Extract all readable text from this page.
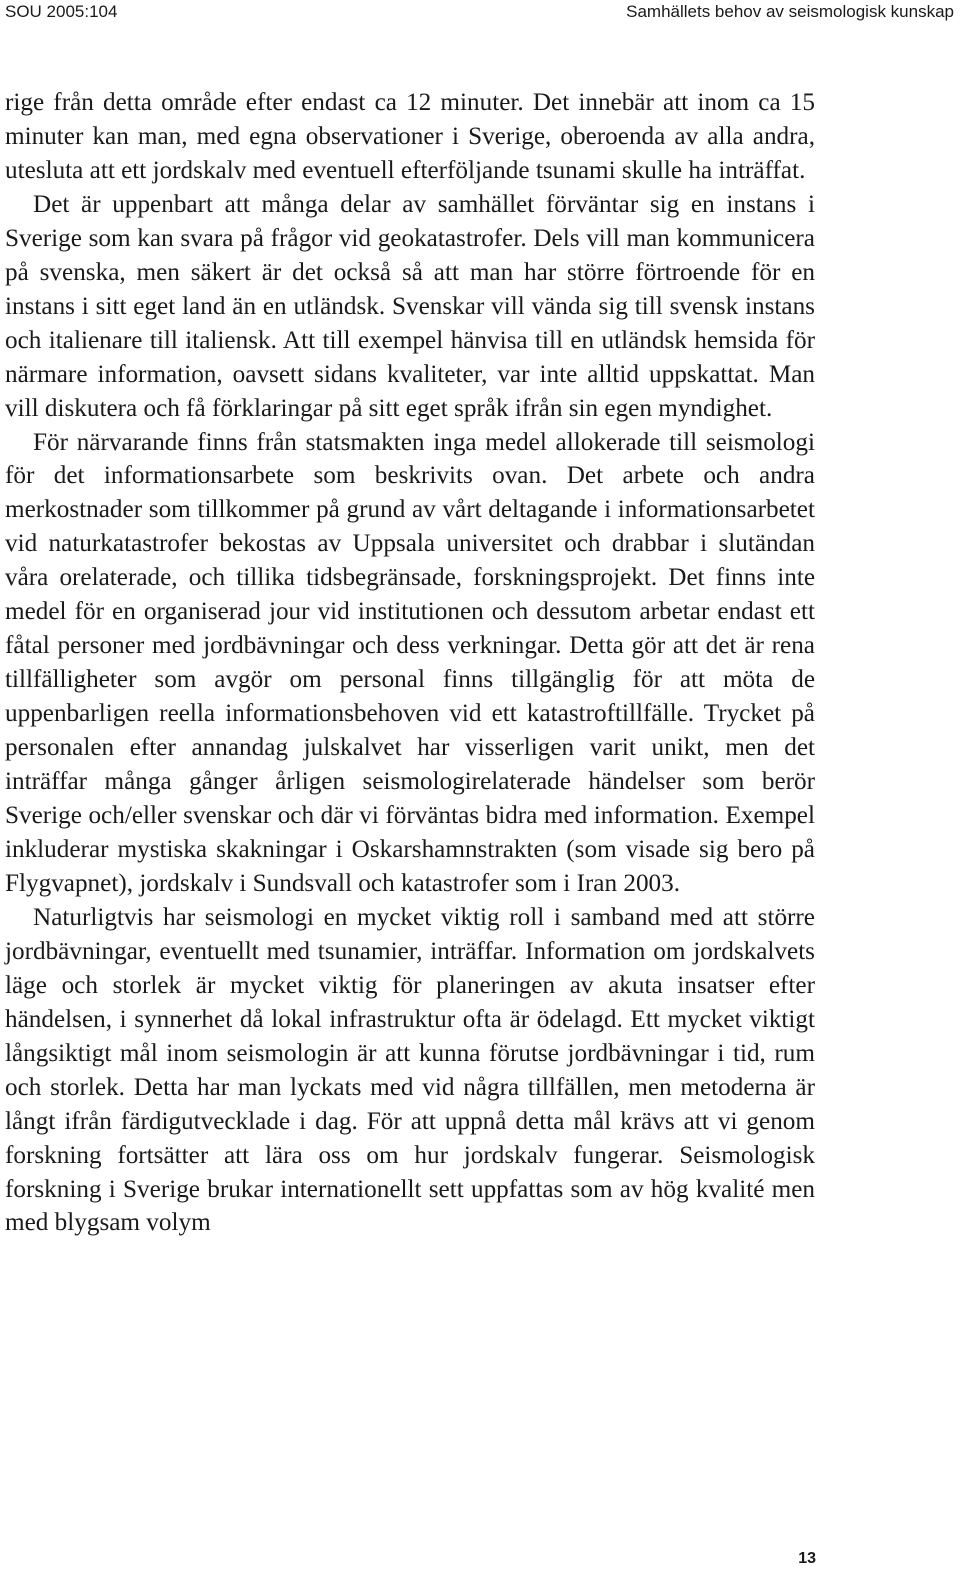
SOU 2005:104	Samhällets behov av seismologisk kunskap

rige från detta område efter endast ca 12 minuter. Det innebär att inom ca 15 minuter kan man, med egna observationer i Sverige, oberoenda av alla andra, utesluta att ett jordskalv med eventuell efterföljande tsunami skulle ha inträffat.

Det är uppenbart att många delar av samhället förväntar sig en instans i Sverige som kan svara på frågor vid geokatastrofer. Dels vill man kommunicera på svenska, men säkert är det också så att man har större förtroende för en instans i sitt eget land än en utländsk. Svenskar vill vända sig till svensk instans och italienare till italiensk. Att till exempel hänvisa till en utländsk hemsida för närmare information, oavsett sidans kvaliteter, var inte alltid uppskattat. Man vill diskutera och få förklaringar på sitt eget språk ifrån sin egen myndighet.

För närvarande finns från statsmakten inga medel allokerade till seismologi för det informationsarbete som beskrivits ovan. Det arbete och andra merkostnader som tillkommer på grund av vårt deltagande i informationsarbetet vid naturkatastrofer bekostas av Uppsala universitet och drabbar i slutändan våra orelaterade, och tillika tidsbegränsade, forskningsprojekt. Det finns inte medel för en organiserad jour vid institutionen och dessutom arbetar endast ett fåtal personer med jordbävningar och dess verkningar. Detta gör att det är rena tillfälligheter som avgör om personal finns tillgänglig för att möta de uppenbarligen reella informationsbehoven vid ett katastroftillfälle. Trycket på personalen efter annandag julskalvet har visserligen varit unikt, men det inträffar många gånger årligen seismologirelaterade händelser som berör Sverige och/eller svenskar och där vi förväntas bidra med information. Exempel inkluderar mystiska skakningar i Oskarshamnstrakten (som visade sig bero på Flygvapnet), jordskalv i Sundsvall och katastrofer som i Iran 2003.

Naturligtvis har seismologi en mycket viktig roll i samband med att större jordbävningar, eventuellt med tsunamier, inträffar. Information om jordskalvets läge och storlek är mycket viktig för planeringen av akuta insatser efter händelsen, i synnerhet då lokal infrastruktur ofta är ödelagd. Ett mycket viktigt långsiktigt mål inom seismologin är att kunna förutse jordbävningar i tid, rum och storlek. Detta har man lyckats med vid några tillfällen, men metoderna är långt ifrån färdigutvecklade i dag. För att uppnå detta mål krävs att vi genom forskning fortsätter att lära oss om hur jordskalv fungerar. Seismologisk forskning i Sverige brukar internationellt sett uppfattas som av hög kvalité men med blygsam volym

13
